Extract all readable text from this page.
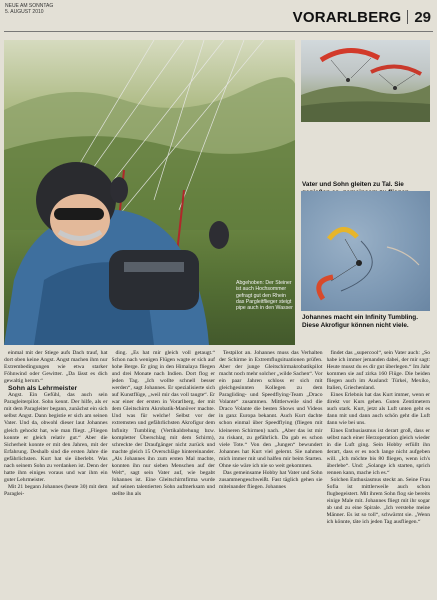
NEUE AM SONNTAG
5. AUGUST 2010	VORARLBERG 29
Abgehoben: Der Steiner ist auch Hochsommer gefragt gut den Rhein das Pargleitflieger steigt pipe auch in den Wasser
Vater und Sohn gleiten zu Tal. Sie
Johannes macht ein Infinity Tumbling. Diese Akrofigur können nicht viele.

einmal mit der Stiege aufs Dach trauf, hat dort oben keine Angst. Angst machen ihm nur Extrembedingungen wie etwa starker Föhnwind oder Gewitter. „Da lässt es dich gewaltig herum.“

Sohn als Lehrmeister

Angst. Ein Gefühl, das auch sein Paragleiterpilot. Sohn kennt. Der hilfe, als er mit dem Paragleiter begann, zunächst ein sich selbst Angst. Dann begistie er sich am seinen Vater. Und da, obwohl dieser laut Johannes gleich gehockt hat, wie man fliegt. „Fliegen konnte er gleich relativ gut.“ Aber die Sicherheit konnte er mit den Jahren, mit der Erfahrung. Deshalb sind die ersten Jahre die gefährlichsten. Kurt hat sie überlebt. Was nach seinem Sohn zu verdanken ist. Denn der hatte ihm einiges voraus und war ihm ein guter Lehrmeister.

Mit 21 begann Johannes (heute 30) mit dem Paraglei-

ding. „Es hat mir gleich voll getaugt.“ Schon nach wenigen Flügen wagte er sich auf hohe Berge. Er ging in den Himalaya fliegen und drei Monate nach Indien. Dort flog er jeden Tag. „Ich wollte schnell besser werden“, sagt Johannes. Er spezialisierte sich auf Kunstflüge, „weil mir das voll taugte“. Er war einer der ersten in Vorarlberg, der mit dem Gleitschirm Akrobatik-Manöver machte. Und was für welche! Selbst vor der extremsten und gefährlichsten Akrofigur dem Infinity Tumbling (Vertikaldrehung bzw. kompletter Überschlag mit dem Schirm), schreckte der Draufgänger nicht zurück und machte gleich 15 Overschläge hintereinander. „Als Johannes ihn zum ersten Mal machte, konnten ihn nur sieben Menschen auf der Welt“, sagt sein Vater auf, wie begabt Johannes ist. Eine Gleitschirmfirma wurde auf seinen talentierten Sohn aufmerksam und stellte ihn als

Testpilot an. Johannes muss das Verhalten der Schirme in Extremflugsituationen prüfen. Aber der junge Gleitschirmakrobatikpilot macht noch mehr solcher „wilde Sachen“. Vor ein paar Jahren schloss er sich mit gleichgesinnten Kollegen zu dem Paragliding- und Speedflying-Team „Draco Volante“ zusammen. Mittlerweile sind die Draco Volante die besten Shows und Videos in ganz Europa bekannt. Auch Kurt dachte schon einmal über Speedflying (fliegen mit kleineren Schirmen) nach. „Aber das ist mir zu riskant, zu gefährlich. Da gab es schon viele Tote.“ Von den „Jungen“ bewundert Johannes hat Kurt viel gelernt. Sie nahmen mich immer mit und halfen mir beim Starten. Ohne sie wäre ich nie so weit gekommen.

Das gemeinsame Hobby hat Vater und Sohn zusammengeschweißt. Fast täglich gehen sie miteinander fliegen. Johannes

findet das „supercool“, sein Vater auch: „So habe ich immer jemanden dabei, der mir sagt: Heute musst du es dir gut überlegen.“ Im Jahr kommen sie auf zirka 160 Flüge. Die beiden fliegen auch im Ausland: Türkei, Mexiko, Italien, Griechenland.

Eines Erlebnis hat das Kurt immer, wenn er direkt vor Kurs gehen. Guten Zentimetern auch stark. Kurt, jetzt als Luft unten geht es dann mit und dann auch schön geht die Luft dann wie bei uns.

Eines Enthusiasmus ist derart groß, dass er selbst nach einer Herzoperation gleich wieder in die Luft ging. Sein Hobby erfüllt ihn derart, dass er es noch lange nicht aufgeben will. „Ich möchte bis 80 fliegen, wenn ich's überlebe“. Und: „Solange ich starten, sprich rennen kann, mache ich es.“

Solchen Enthusiasmus steckt an. Seine Frau Sofia ist mittlerweile auch schon flugbegeistert. Mit ihrem Sohn flog sie bereits einige Male mit. Johannes fliegt mit ihr sogar ab und zu eine Spirale. „Ich verstehe meine Männer. Es ist so toll“, schwärmt sie. „Wenn ich könnte, täte ich jeden Tag ausfliegen.“
